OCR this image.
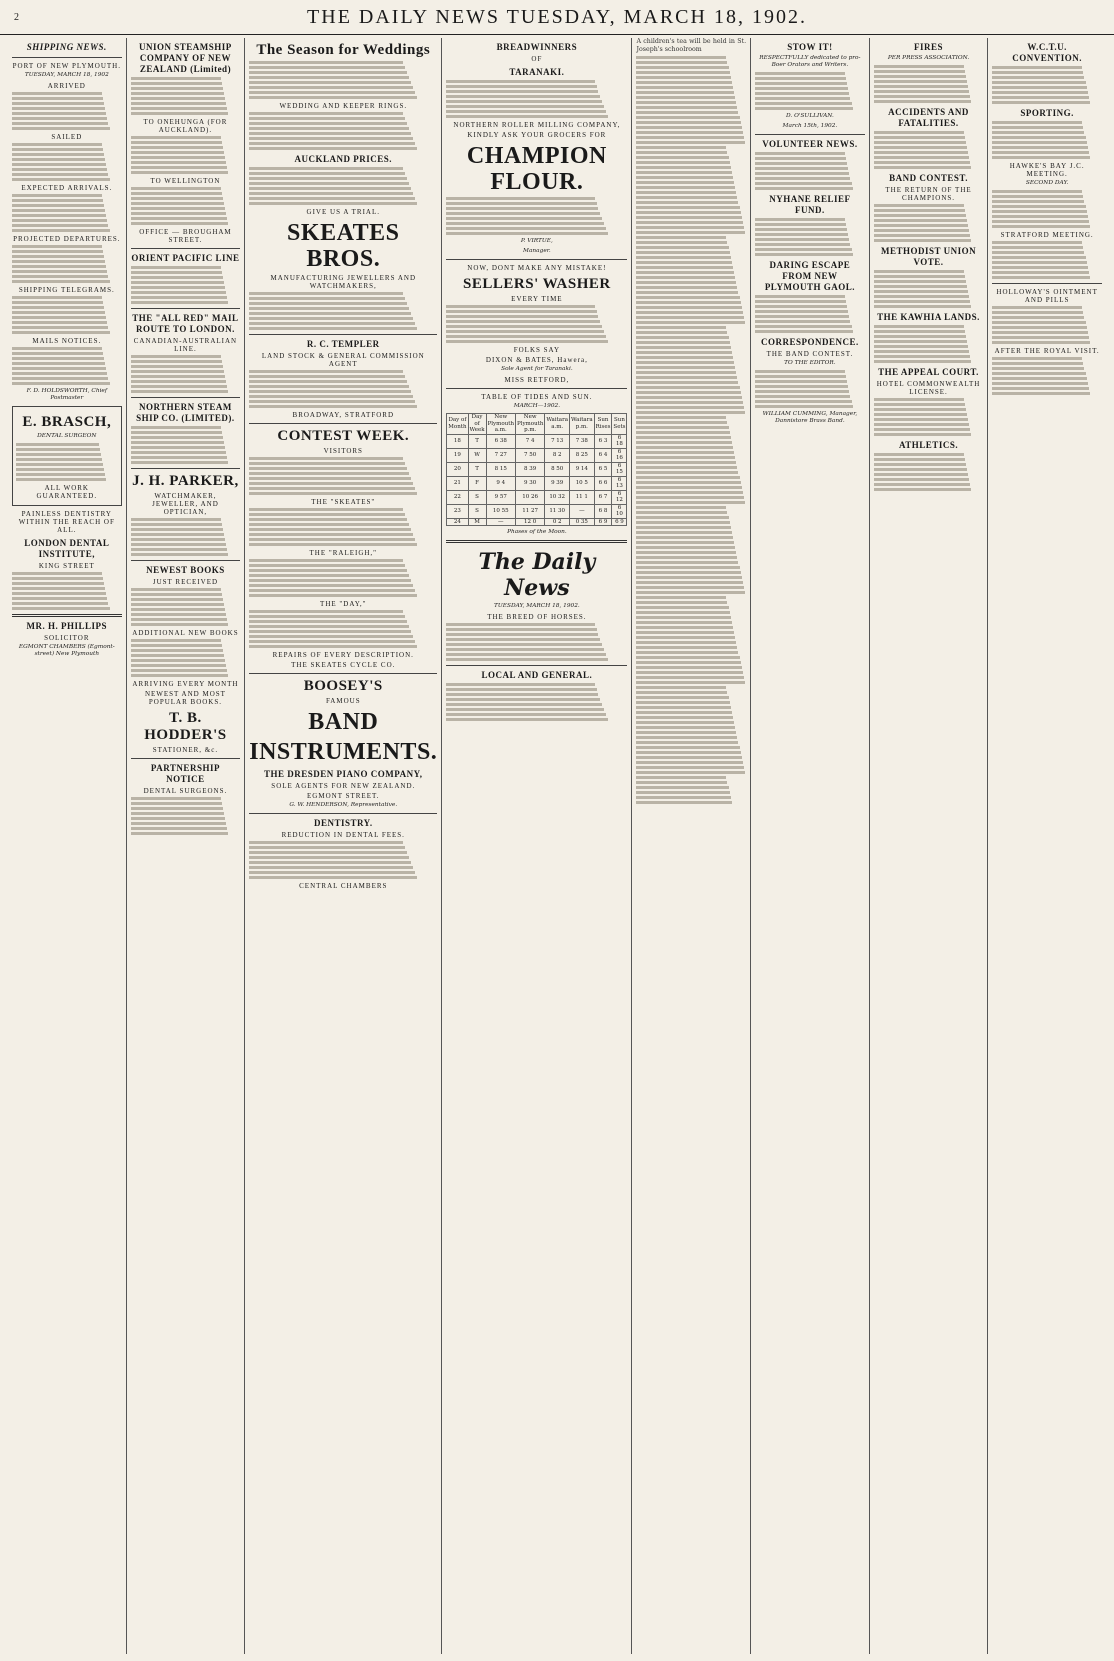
2	THE DAILY NEWS TUESDAY, MARCH 18, 1902.
SHIPPING NEWS.
PORT OF NEW PLYMOUTH.
TUESDAY, MARCH 18, 1902
ARRIVED
SAILED
EXPECTED ARRIVALS.
PROJECTED DEPARTURES.
SHIPPING TELEGRAMS.
MAILS NOTICES.
F. D. HOLDSWORTH, Chief Postmaster
E. BRASCH,
DENTAL SURGEON
ALL WORK GUARANTEED.
PAINLESS DENTISTRY WITHIN THE REACH OF ALL.
LONDON DENTAL INSTITUTE,
KING STREET
MR. H. PHILLIPS
SOLICITOR
EGMONT CHAMBERS (Egmont-street) New Plymouth
UNION STEAMSHIP COMPANY OF NEW ZEALAND (Limited)
TO ONEHUNGA (FOR AUCKLAND).
TO WELLINGTON
OFFICE — BROUGHAM STREET.
ORIENT PACIFIC LINE
THE "ALL RED" MAIL ROUTE TO LONDON.
CANADIAN-AUSTRALIAN LINE.
NORTHERN STEAM SHIP CO. (LIMITED).
J. H. PARKER,
WATCHMAKER, JEWELLER, AND OPTICIAN,
NEWEST BOOKS
JUST RECEIVED
ADDITIONAL NEW BOOKS
ARRIVING EVERY MONTH
NEWEST AND MOST POPULAR BOOKS.
T. B. HODDER'S
STATIONER, &c.
PARTNERSHIP NOTICE
DENTAL SURGEONS.
The Season for Weddings
WEDDING AND KEEPER RINGS.
AUCKLAND PRICES.
GIVE US A TRIAL.
SKEATES BROS.
MANUFACTURING JEWELLERS AND WATCHMAKERS,
R. C. TEMPLER
LAND STOCK & GENERAL COMMISSION AGENT
BROADWAY, STRATFORD
CONTEST WEEK.
VISITORS
THE "SKEATES"
THE "RALEIGH,"
THE "DAY,"
REPAIRS OF EVERY DESCRIPTION.
THE SKEATES CYCLE CO.
BOOSEY'S
FAMOUS
BAND
INSTRUMENTS.
THE DRESDEN PIANO COMPANY,
SOLE AGENTS FOR NEW ZEALAND.
EGMONT STREET.
G. W. HENDERSON, Representative.
DENTISTRY.
REDUCTION IN DENTAL FEES.
CENTRAL CHAMBERS
BREADWINNERS
OF
TARANAKI.
NORTHERN ROLLER MILLING COMPANY,
KINDLY ASK YOUR GROCERS FOR
CHAMPION FLOUR.
P. VIRTUE,
Manager.
NOW, DONT MAKE ANY MISTAKE!
SELLERS' WASHER
EVERY TIME
FOLKS SAY
DIXON & BATES, Hawera,
Sole Agent for Taranaki.
MISS RETFORD,
TABLE OF TIDES AND SUN.
MARCH—1902.
Day of Month	Day of Week	New Plymouth a.m.	New Plymouth p.m.	Waitara a.m.	Waitara p.m.	Sun Rises	Sun Sets
18	T	6 38	7 4	7 13	7 38	6 3	6 18
19	W	7 27	7 50	8 2	8 25	6 4	6 16
20	T	8 15	8 39	8 50	9 14	6 5	6 15
21	F	9 4	9 30	9 39	10 5	6 6	6 13
22	S	9 57	10 26	10 32	11 1	6 7	6 12
23	S	10 55	11 27	11 30	—	6 8	6 10
24	M	—	12 0	0 2	0 35	6 9	6 9
Phases of the Moon.
The Daily News
TUESDAY, MARCH 18, 1902.
THE BREED OF HORSES.
LOCAL AND GENERAL.
A children's tea will be held in St. Joseph's schoolroom	STOW IT!
RESPECTFULLY dedicated to pro-Boer Orators and Writers.
D. O'SULLIVAN.
March 15th, 1902.
VOLUNTEER NEWS.
NYHANE RELIEF FUND.
DARING ESCAPE FROM NEW PLYMOUTH GAOL.
CORRESPONDENCE.
THE BAND CONTEST.
TO THE EDITOR.
WILLIAM CUMMING, Manager, Dannistore Brass Band.
FIRES
PER PRESS ASSOCIATION.
ACCIDENTS AND FATALITIES.
BAND CONTEST.
THE RETURN OF THE CHAMPIONS.
METHODIST UNION VOTE.
THE KAWHIA LANDS.
THE APPEAL COURT.
HOTEL COMMONWEALTH LICENSE.
ATHLETICS.
W.C.T.U. CONVENTION.
SPORTING.
HAWKE'S BAY J.C. MEETING.
SECOND DAY.
STRATFORD MEETING.
HOLLOWAY'S OINTMENT AND PILLS
AFTER THE ROYAL VISIT.
